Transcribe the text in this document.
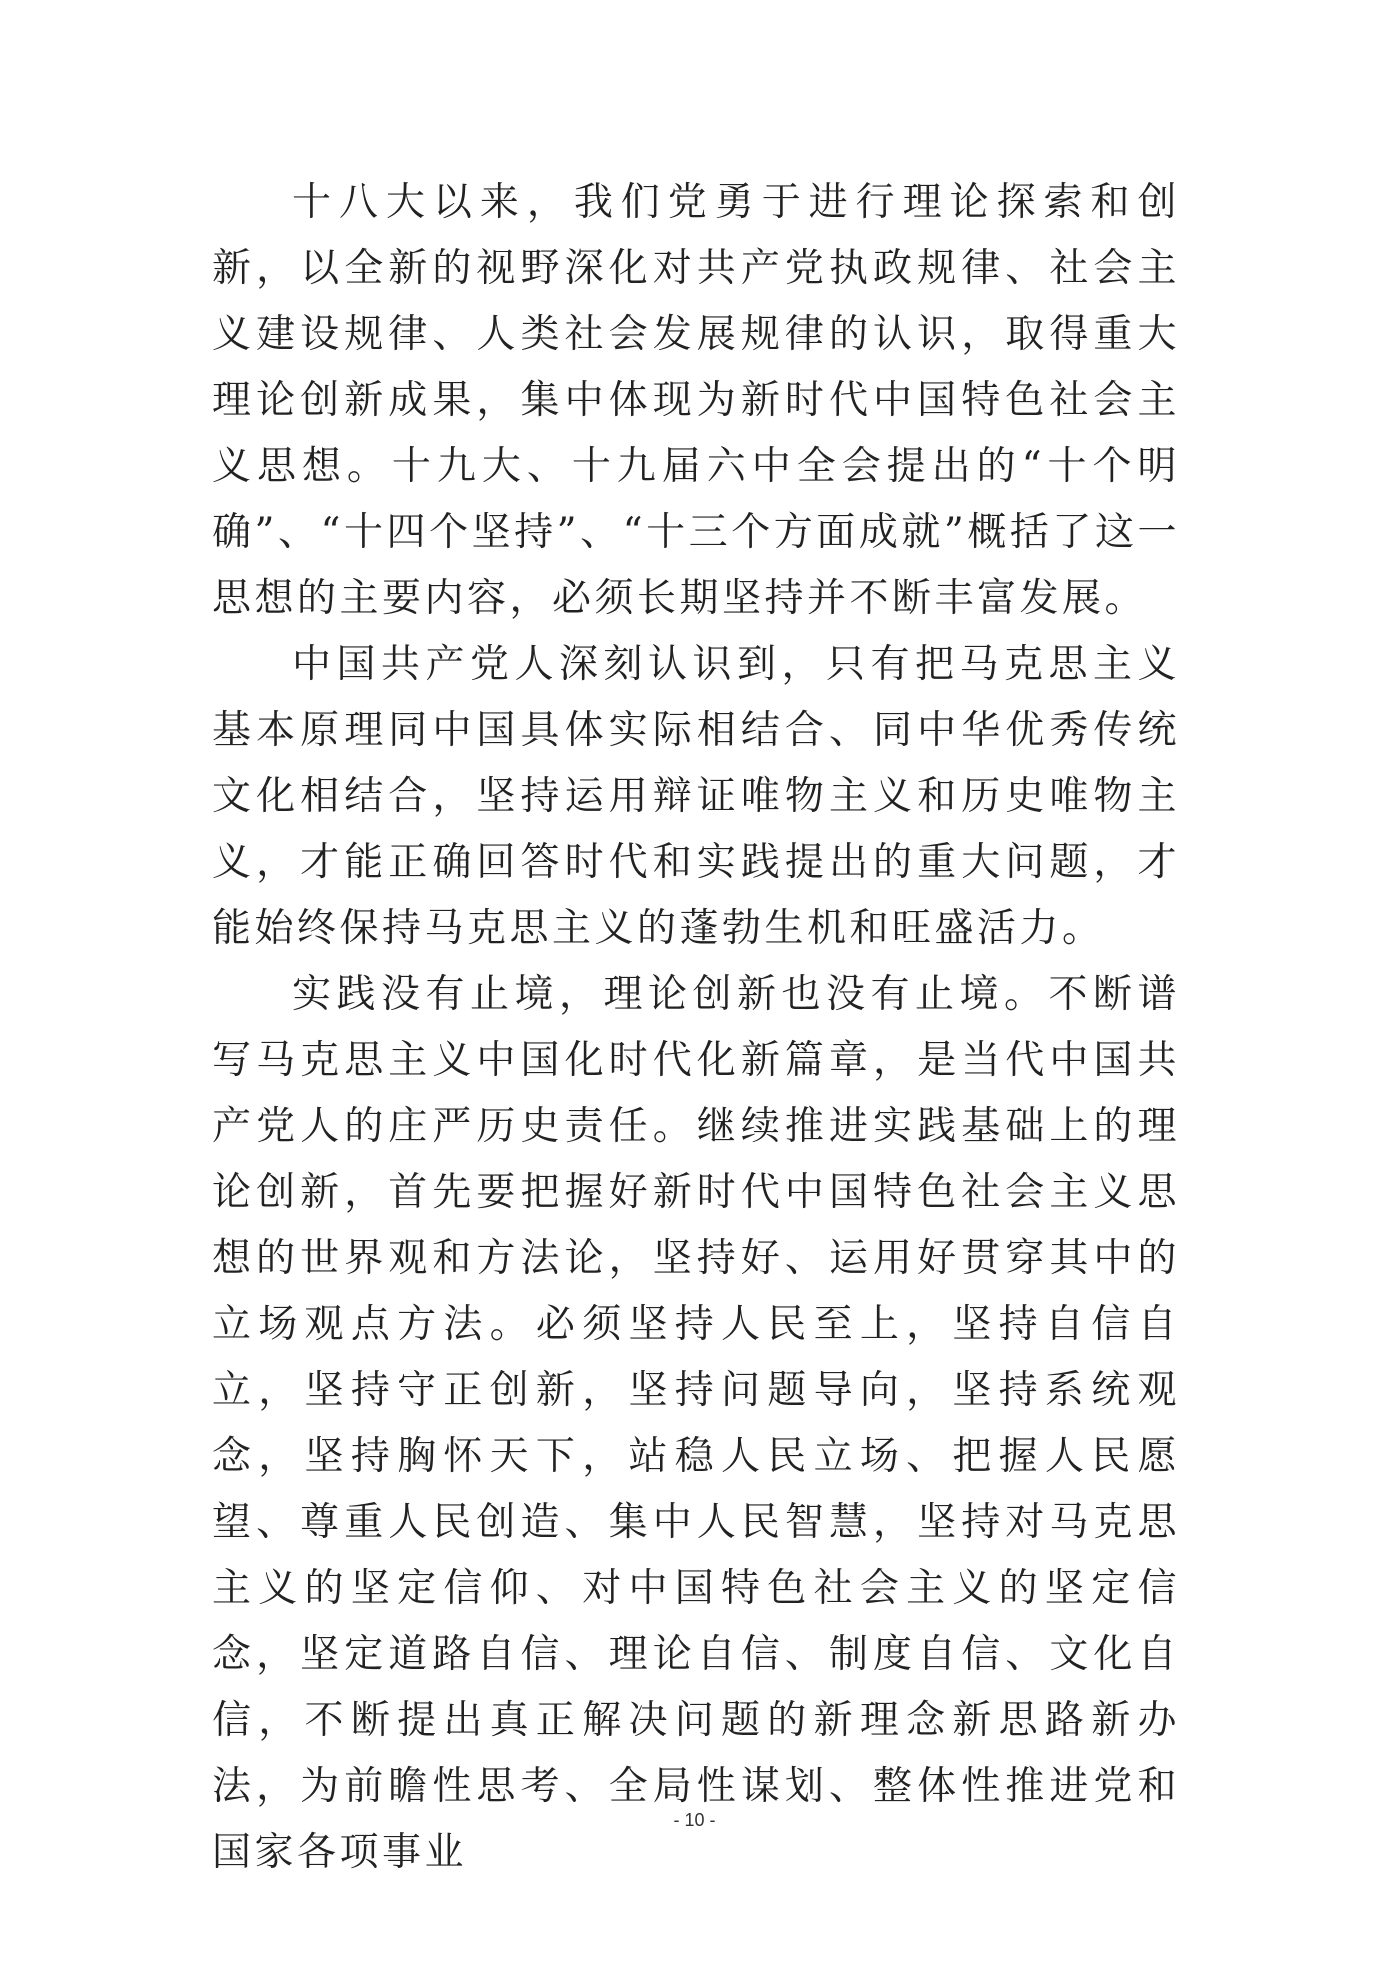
十八大以来，我们党勇于进行理论探索和创新，以全新的视野深化对共产党执政规律、社会主义建设规律、人类社会发展规律的认识，取得重大理论创新成果，集中体现为新时代中国特色社会主义思想。十九大、十九届六中全会提出的“十个明确”、“十四个坚持”、“十三个方面成就”概括了这一思想的主要内容，必须长期坚持并不断丰富发展。

中国共产党人深刻认识到，只有把马克思主义基本原理同中国具体实际相结合、同中华优秀传统文化相结合，坚持运用辩证唯物主义和历史唯物主义，才能正确回答时代和实践提出的重大问题，才能始终保持马克思主义的蓬勃生机和旺盛活力。

实践没有止境，理论创新也没有止境。不断谱写马克思主义中国化时代化新篇章，是当代中国共产党人的庄严历史责任。继续推进实践基础上的理论创新，首先要把握好新时代中国特色社会主义思想的世界观和方法论，坚持好、运用好贯穿其中的立场观点方法。必须坚持人民至上，坚持自信自立，坚持守正创新，坚持问题导向，坚持系统观念，坚持胸怀天下，站稳人民立场、把握人民愿望、尊重人民创造、集中人民智慧，坚持对马克思主义的坚定信仰、对中国特色社会主义的坚定信念，坚定道路自信、理论自信、制度自信、文化自信，不断提出真正解决问题的新理念新思路新办法，为前瞻性思考、全局性谋划、整体性推进党和国家各项事业

- 10 -
